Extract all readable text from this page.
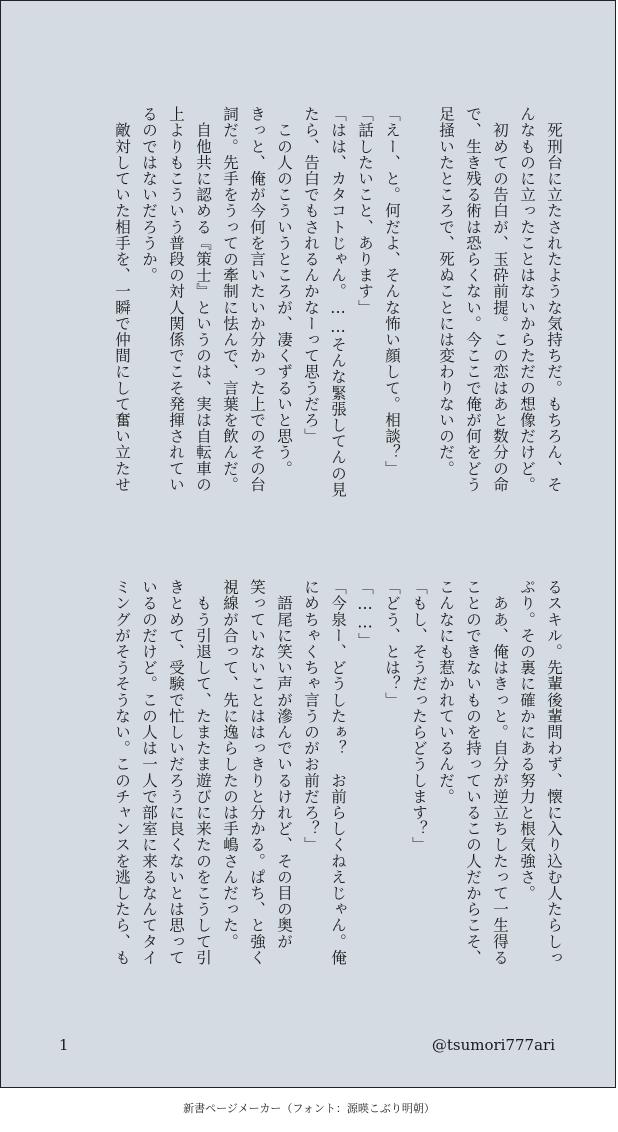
　死刑台に立たされたような気持ちだ。もちろん、そ
んなものに立ったことはないからただの想像だけど。
　初めての告白が、玉砕前提。この恋はあと数分の命
で、生き残る術は恐らくない。今ここで俺が何をどう
足掻いたところで、死ぬことには変わりないのだ。

「えー、と。何だよ、そんな怖い顔して。相談？」
「話したいこと、あります」
「はは、カタコトじゃん。……そんな緊張してんの見
たら、告白でもされるんかなーって思うだろ」
　この人のこういうところが、凄くずるいと思う。
きっと、俺が今何を言いたいか分かった上でのその台
詞だ。先手をうっての牽制に怯んで、言葉を飲んだ。
　自他共に認める『策士』というのは、実は自転車の
上よりもこういう普段の対人関係でこそ発揮されてい
るのではないだろうか。
　敵対していた相手を、一瞬で仲間にして奮い立たせ
るスキル。先輩後輩問わず、懐に入り込む人たらしっ
ぷり。その裏に確かにある努力と根気強さ。
　ああ、俺はきっと。自分が逆立ちしたって一生得る
ことのできないものを持っているこの人だからこそ、
こんなにも惹かれているんだ。
「もし、そうだったらどうします？」
「どう、とは？」
「……」
「今泉ー、どうしたぁ？　お前らしくねえじゃん。俺
にめちゃくちゃ言うのがお前だろ？」
　語尾に笑い声が滲んでいるけれど、その目の奥が
笑っていないことははっきりと分かる。ぱち、と強く
視線が合って、先に逸らしたのは手嶋さんだった。
　もう引退して、たまたま遊びに来たのをこうして引
きとめて、受験で忙しいだろうに良くないとは思って
いるのだけど。この人は一人で部室に来るなんてタイ
ミングがそうそうない。このチャンスを逃したら、も
1	@tsumori777ari
新書ページメーカー（フォント：源暎こぶり明朝）
